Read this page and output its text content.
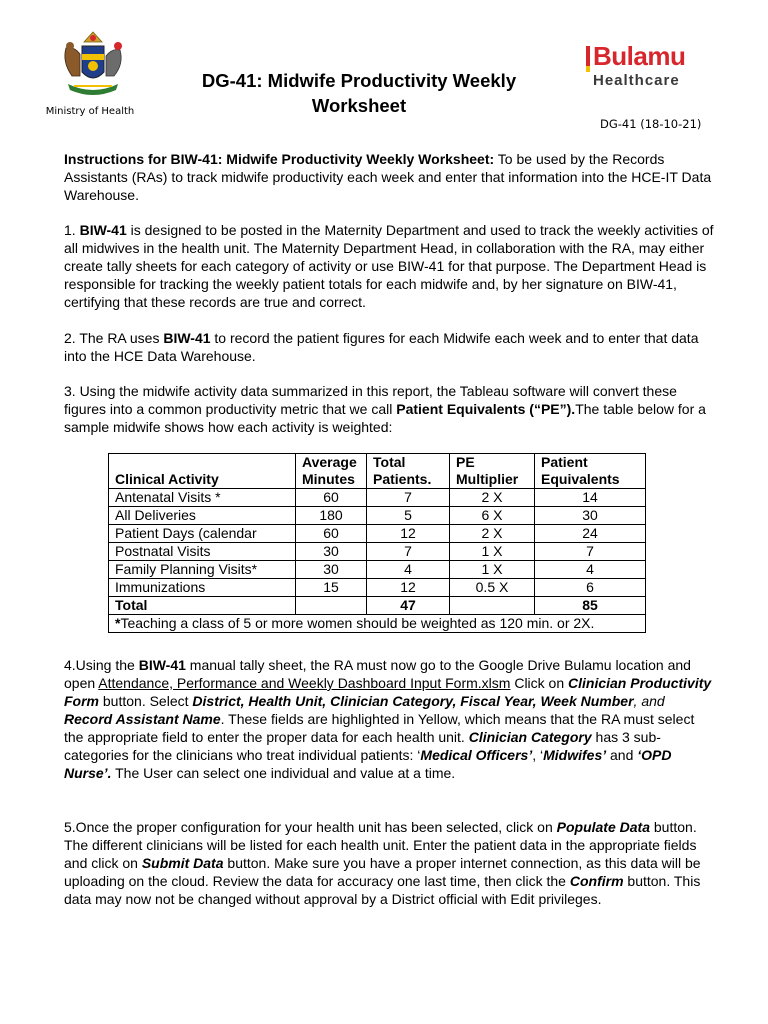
Ministry of Health
DG-41: Midwife Productivity Weekly Worksheet
Bulamu
Healthcare
DG-41 (18-10-21)
Instructions for BIW-41: Midwife Productivity Weekly Worksheet: To be used by the Records Assistants (RAs) to track midwife productivity each week and enter that information into the HCE-IT Data Warehouse.
1. BIW-41 is designed to be posted in the Maternity Department and used to track the weekly activities of all midwives in the health unit. The Maternity Department Head, in collaboration with the RA, may either create tally sheets for each category of activity or use BIW-41 for that purpose. The Department Head is responsible for tracking the weekly patient totals for each midwife and, by her signature on BIW-41, certifying that these records are true and correct.
2. The RA uses BIW-41 to record the patient figures for each Midwife each week and to enter that data into the HCE Data Warehouse.
3. Using the midwife activity data summarized in this report, the Tableau software will convert these figures into a common productivity metric that we call Patient Equivalents (“PE”).The table below for a sample midwife shows how each activity is weighted:
Clinical Activity	Average Minutes	Total Patients.	PE Multiplier	Patient Equivalents
Antenatal Visits *	60	7	2 X	14
All Deliveries	180	5	6 X	30
Patient Days (calendar	60	12	2 X	24
Postnatal Visits	30	7	1 X	7
Family Planning Visits*	30	4	1 X	4
Immunizations	15	12	0.5 X	6
Total		47		85
*Teaching a class of 5 or more women should be weighted as 120 min. or 2X.				
4.Using the BIW-41 manual tally sheet, the RA must now go to the Google Drive Bulamu location and open Attendance, Performance and Weekly Dashboard Input Form.xlsm Click on Clinician Productivity Form button. Select District, Health Unit, Clinician Category, Fiscal Year, Week Number, and Record Assistant Name. These fields are highlighted in Yellow, which means that the RA must select the appropriate field to enter the proper data for each health unit. Clinician Category has 3 sub-categories for the clinicians who treat individual patients: ‘Medical Officers’, ‘Midwifes’ and ‘OPD Nurse’. The User can select one individual and value at a time.
5.Once the proper configuration for your health unit has been selected, click on Populate Data button. The different clinicians will be listed for each health unit. Enter the patient data in the appropriate fields and click on Submit Data button. Make sure you have a proper internet connection, as this data will be uploading on the cloud. Review the data for accuracy one last time, then click the Confirm button. This data may now not be changed without approval by a District official with Edit privileges.
